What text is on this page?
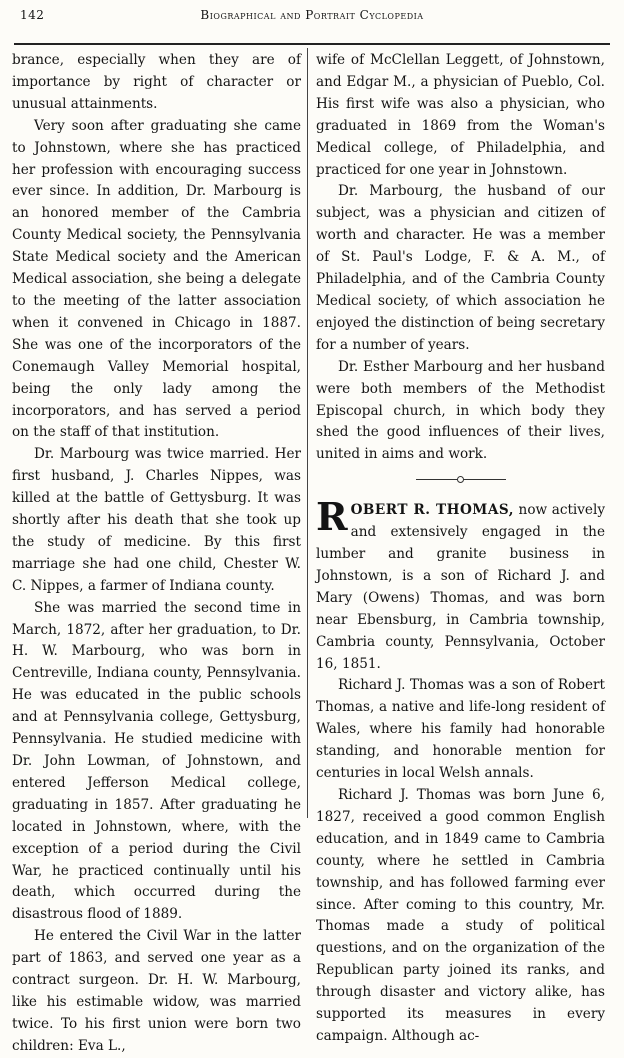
142	Biographical and Portrait Cyclopedia

brance, especially when they are of importance by right of character or unusual attainments.

Very soon after graduating she came to Johnstown, where she has practiced her profession with encouraging success ever since. In addition, Dr. Marbourg is an honored member of the Cambria County Medical society, the Pennsylvania State Medical society and the American Medical association, she being a delegate to the meeting of the latter association when it convened in Chicago in 1887. She was one of the incorporators of the Conemaugh Valley Memorial hospital, being the only lady among the incorporators, and has served a period on the staff of that institution.

Dr. Marbourg was twice married. Her first husband, J. Charles Nippes, was killed at the battle of Gettysburg. It was shortly after his death that she took up the study of medicine. By this first marriage she had one child, Chester W. C. Nippes, a farmer of Indiana county.

She was married the second time in March, 1872, after her graduation, to Dr. H. W. Marbourg, who was born in Centreville, Indiana county, Pennsylvania. He was educated in the public schools and at Pennsylvania college, Gettysburg, Pennsylvania. He studied medicine with Dr. John Lowman, of Johnstown, and entered Jefferson Medical college, graduating in 1857. After graduating he located in Johnstown, where, with the exception of a period during the Civil War, he practiced continually until his death, which occurred during the disastrous flood of 1889.

He entered the Civil War in the latter part of 1863, and served one year as a contract surgeon. Dr. H. W. Marbourg, like his estimable widow, was married twice. To his first union were born two children: Eva L.,

wife of McClellan Leggett, of Johnstown, and Edgar M., a physician of Pueblo, Col. His first wife was also a physician, who graduated in 1869 from the Woman's Medical college, of Philadelphia, and practiced for one year in Johnstown.

Dr. Marbourg, the husband of our subject, was a physician and citizen of worth and character. He was a member of St. Paul's Lodge, F. & A. M., of Philadelphia, and of the Cambria County Medical society, of which association he enjoyed the distinction of being secretary for a number of years.

Dr. Esther Marbourg and her husband were both members of the Methodist Episcopal church, in which body they shed the good influences of their lives, united in aims and work.

ROBERT R. THOMAS, now actively and extensively engaged in the lumber and granite business in Johnstown, is a son of Richard J. and Mary (Owens) Thomas, and was born near Ebensburg, in Cambria township, Cambria county, Pennsylvania, October 16, 1851.

Richard J. Thomas was a son of Robert Thomas, a native and life-long resident of Wales, where his family had honorable standing, and honorable mention for centuries in local Welsh annals.

Richard J. Thomas was born June 6, 1827, received a good common English education, and in 1849 came to Cambria county, where he settled in Cambria township, and has followed farming ever since. After coming to this country, Mr. Thomas made a study of political questions, and on the organization of the Republican party joined its ranks, and through disaster and victory alike, has supported its measures in every campaign. Although ac-
